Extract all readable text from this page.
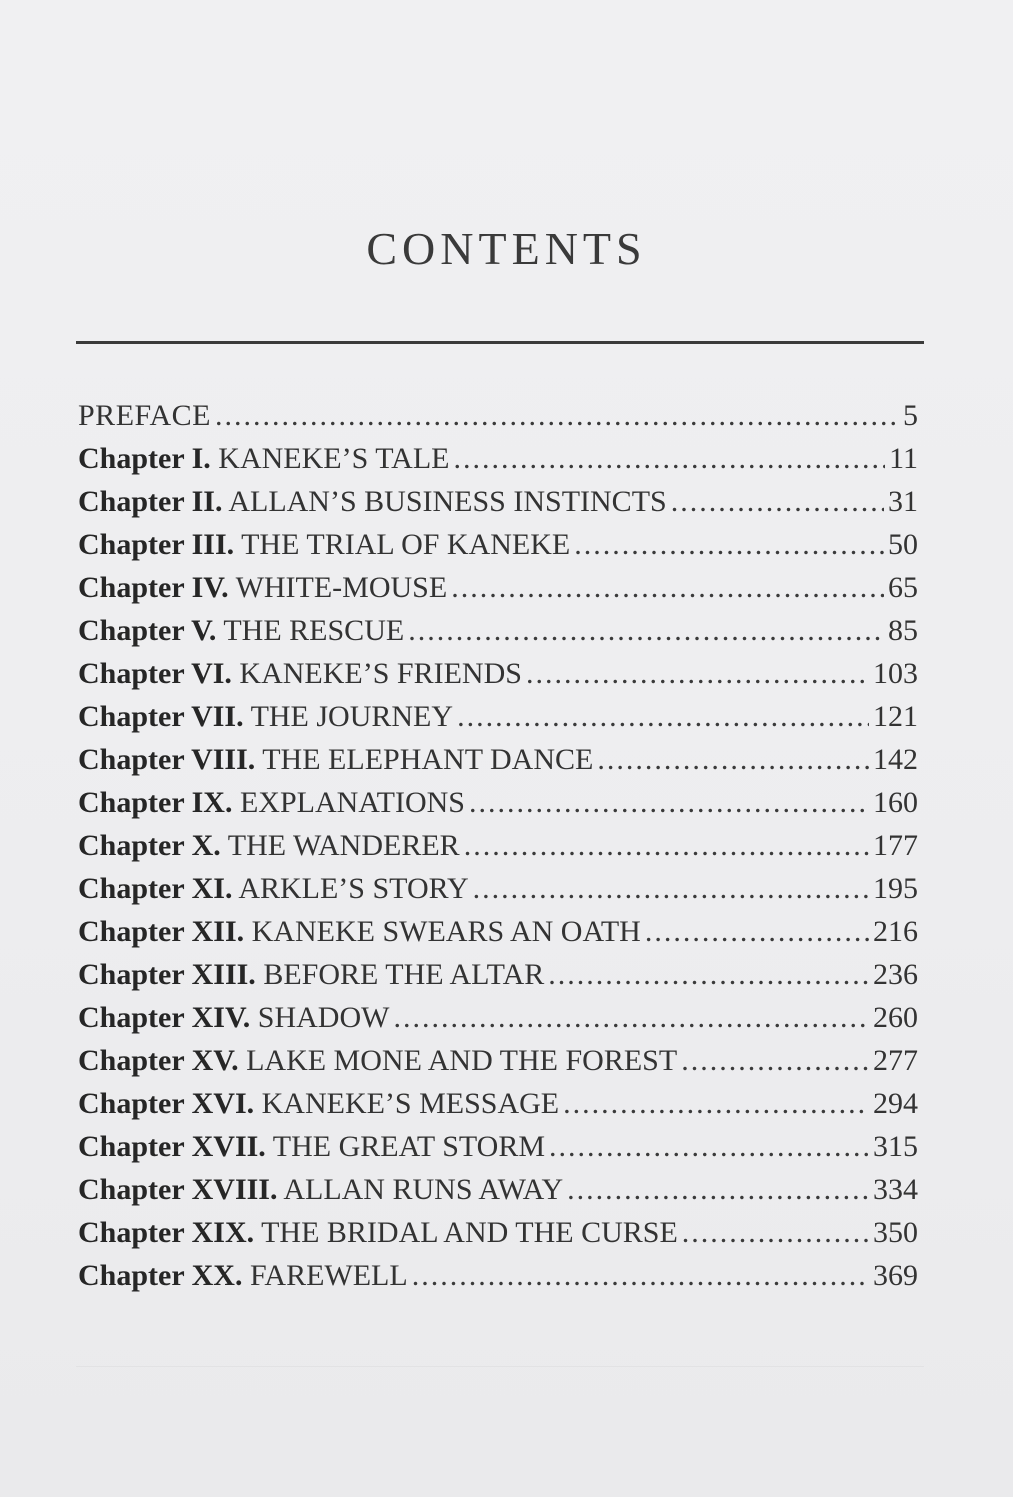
CONTENTS
PREFACE .....	5
Chapter I. KANEKE’S TALE .....	11
Chapter II. ALLAN’S BUSINESS INSTINCTS .....	31
Chapter III. THE TRIAL OF KANEKE .....	50
Chapter IV. WHITE-MOUSE .....	65
Chapter V. THE RESCUE .....	85
Chapter VI. KANEKE’S FRIENDS .....	103
Chapter VII. THE JOURNEY .....	121
Chapter VIII. THE ELEPHANT DANCE .....	142
Chapter IX. EXPLANATIONS .....	160
Chapter X. THE WANDERER .....	177
Chapter XI. ARKLE’S STORY .....	195
Chapter XII. KANEKE SWEARS AN OATH .....	216
Chapter XIII. BEFORE THE ALTAR .....	236
Chapter XIV. SHADOW .....	260
Chapter XV. LAKE MONE AND THE FOREST .....	277
Chapter XVI. KANEKE’S MESSAGE .....	294
Chapter XVII. THE GREAT STORM .....	315
Chapter XVIII. ALLAN RUNS AWAY .....	334
Chapter XIX. THE BRIDAL AND THE CURSE .....	350
Chapter XX. FAREWELL .....	369
